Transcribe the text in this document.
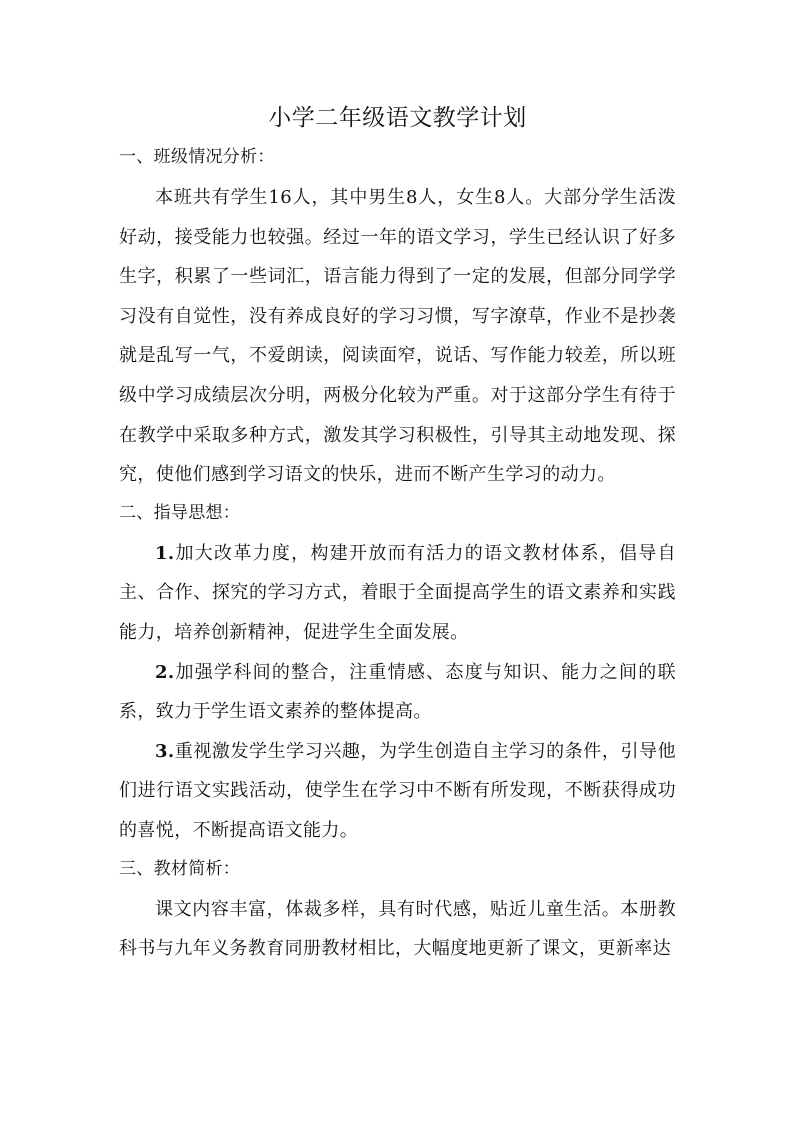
小学二年级语文教学计划

一、班级情况分析：

本班共有学生16人，其中男生8人，女生8人。大部分学生活泼好动，接受能力也较强。经过一年的语文学习，学生已经认识了好多生字，积累了一些词汇，语言能力得到了一定的发展，但部分同学学习没有自觉性，没有养成良好的学习习惯，写字潦草，作业不是抄袭就是乱写一气，不爱朗读，阅读面窄，说话、写作能力较差，所以班级中学习成绩层次分明，两极分化较为严重。对于这部分学生有待于在教学中采取多种方式，激发其学习积极性，引导其主动地发现、探究，使他们感到学习语文的快乐，进而不断产生学习的动力。

二、指导思想：

1.加大改革力度，构建开放而有活力的语文教材体系，倡导自主、合作、探究的学习方式，着眼于全面提高学生的语文素养和实践能力，培养创新精神，促进学生全面发展。

2.加强学科间的整合，注重情感、态度与知识、能力之间的联系，致力于学生语文素养的整体提高。

3.重视激发学生学习兴趣，为学生创造自主学习的条件，引导他们进行语文实践活动，使学生在学习中不断有所发现，不断获得成功的喜悦，不断提高语文能力。

三、教材简析：

课文内容丰富，体裁多样，具有时代感，贴近儿童生活。本册教科书与九年义务教育同册教材相比，大幅度地更新了课文，更新率达
